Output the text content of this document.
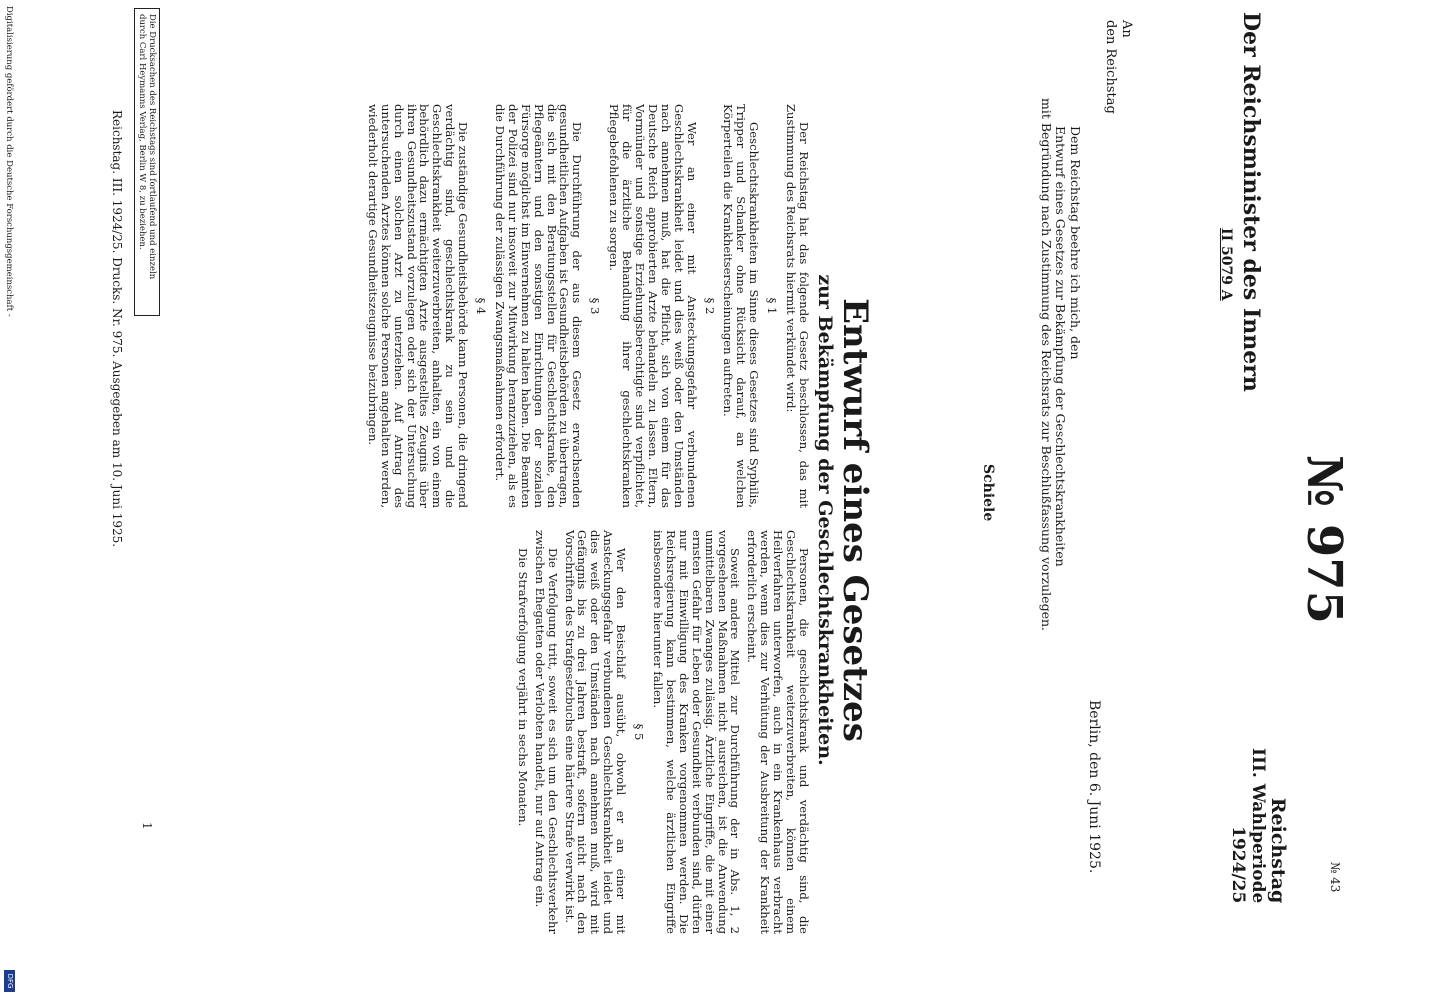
№ 43
№ 975
Der Reichsminister des Innern
II 5079 A
Reichstag
III. Wahlperiode
1924/25
An
den Reichstag
Berlin, den 6. Juni 1925.

Dem Reichstag beehre ich mich, den

Entwurf eines Gesetzes zur Bekämpfung der Geschlechtskrankheiten

mit Begründung nach Zustimmung des Reichsrats zur Beschlußfassung vorzulegen.

Schiele
Entwurf eines Gesetzes
zur Bekämpfung der Geschlechtskrankheiten.

Der Reichstag hat das folgende Gesetz beschlossen, das mit Zustimmung des Reichsrats hiermit verkündet wird:

§ 1

Geschlechtskrankheiten im Sinne dieses Gesetzes sind Syphilis, Tripper und Schanker ohne Rücksicht darauf, an welchen Körperteilen die Krankheitserscheinungen auftreten.

§ 2

Wer an einer mit Ansteckungsgefahr verbundenen Geschlechtskrankheit leidet und dies weiß oder den Umständen nach annehmen muß, hat die Pflicht, sich von einem für das Deutsche Reich approbierten Arzte behandeln zu lassen. Eltern, Vormünder und sonstige Erziehungsberechtigte sind verpflichtet, für die ärztliche Behandlung ihrer geschlechtskranken Pflegebefohlenen zu sorgen.

§ 3

Die Durchführung der aus diesem Gesetz erwachsenden gesundheitlichen Aufgaben ist Gesundheitsbehörden zu übertragen, die sich mit den Beratungsstellen für Geschlechtskranke, den Pflegeämtern und den sonstigen Einrichtungen der sozialen Fürsorge möglichst im Einvernehmen zu halten haben. Die Beamten der Polizei sind nur insoweit zur Mitwirkung heranzuziehen, als es die Durchführung der zulässigen Zwangsmaßnahmen erfordert.

§ 4

Die zuständige Gesundheitsbehörde kann Personen, die dringend verdächtig sind, geschlechtskrank zu sein und die Geschlechtskrankheit weiterzuverbreiten, anhalten, ein von einem behördlich dazu ermächtigten Arzte ausgestelltes Zeugnis über ihren Gesundheitszustand vorzulegen oder sich der Untersuchung durch einen solchen Arzt zu unterziehen. Auf Antrag des untersuchenden Arztes können solche Personen angehalten werden, wiederholt derartige Gesundheitszeugnisse beizubringen.

Personen, die geschlechtskrank und verdächtig sind, die Geschlechtskrankheit weiterzuverbreiten, können einem Heilverfahren unterworfen, auch in ein Krankenhaus verbracht werden, wenn dies zur Verhütung der Ausbreitung der Krankheit erforderlich erscheint.

Soweit andere Mittel zur Durchführung der in Abs. 1, 2 vorgesehenen Maßnahmen nicht ausreichen, ist die Anwendung unmittelbaren Zwanges zulässig. Ärztliche Eingriffe, die mit einer ernsten Gefahr für Leben oder Gesundheit verbunden sind, dürfen nur mit Einwilligung des Kranken vorgenommen werden. Die Reichsregierung kann bestimmen, welche ärztlichen Eingriffe insbesondere hierunter fallen.

§ 5

Wer den Beischlaf ausübt, obwohl er an einer mit Ansteckungsgefahr verbundenen Geschlechtskrankheit leidet und dies weiß oder den Umständen nach annehmen muß, wird mit Gefängnis bis zu drei Jahren bestraft, sofern nicht nach den Vorschriften des Strafgesetzbuchs eine härtere Strafe verwirkt ist.

Die Verfolgung tritt, soweit es sich um den Geschlechtsverkehr zwischen Ehegatten oder Verlobten handelt, nur auf Antrag ein.

Die Strafverfolgung verjährt in sechs Monaten.

Die Drucksachen des Reichstags sind fortlaufend und einzeln
durch Carl Heymanns Verlag, Berlin W 8, zu beziehen.
Reichstag. III. 1924/25. Drucks. Nr. 975. Ausgegeben am 10. Juni 1925.
1
Digitalisierung gefördert durch die Deutsche Forschungsgemeinschaft -
DFG
